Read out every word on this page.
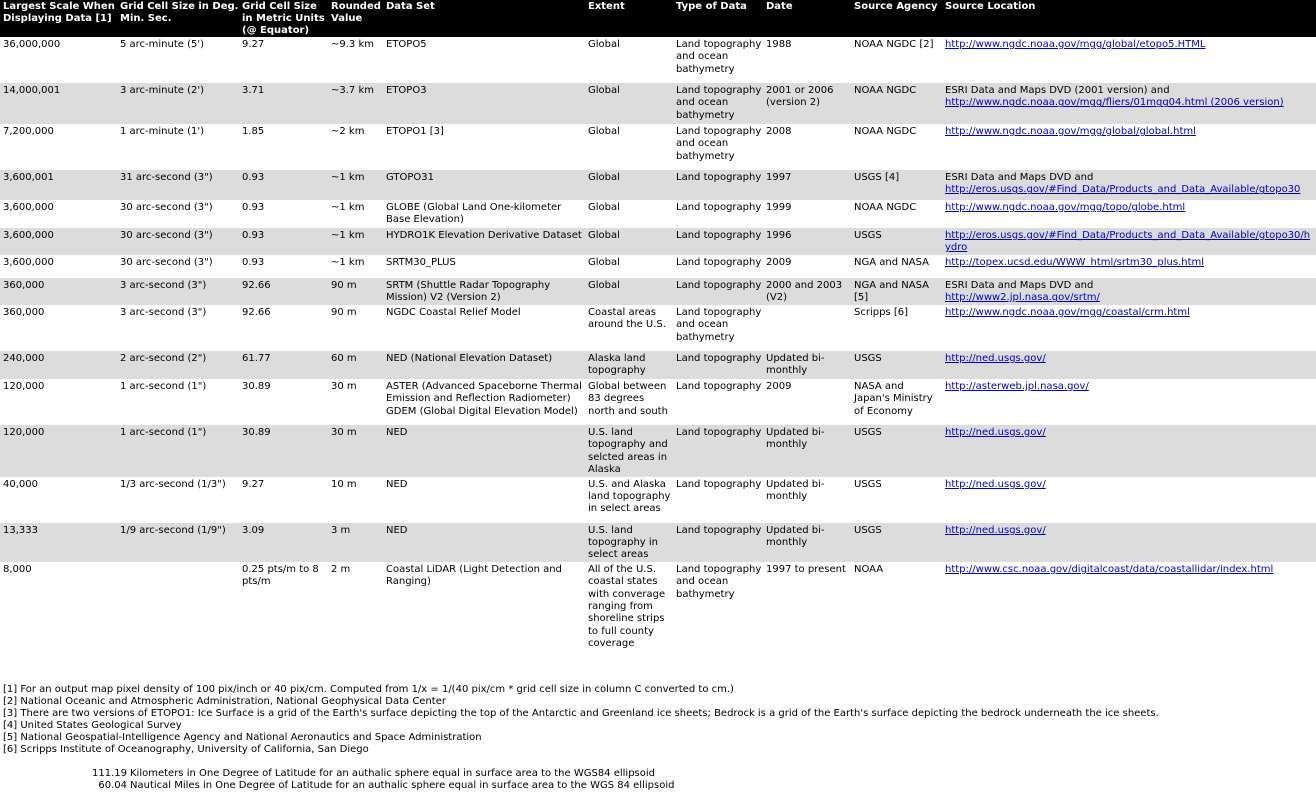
Largest Scale When Displaying Data [1]	Grid Cell Size in Deg. Min. Sec.	Grid Cell Size in Metric Units (@ Equator)	Rounded Value	Data Set	Extent	Type of Data	Date	Source Agency	Source Location
36,000,000	5 arc-minute (5')	9.27	~9.3 km	ETOPO5	Global	Land topography and ocean bathymetry	1988	NOAA NGDC [2]	http://www.ngdc.noaa.gov/mgg/global/etopo5.HTML
14,000,001	3 arc-minute (2')	3.71	~3.7 km	ETOPO3	Global	Land topography and ocean bathymetry	2001 or 2006 (version 2)	NOAA NGDC	ESRI Data and Maps DVD (2001 version) and
http://www.ngdc.noaa.gov/mgg/fliers/01mgg04.html (2006 version)
7,200,000	1 arc-minute (1')	1.85	~2 km	ETOPO1 [3]	Global	Land topography and ocean bathymetry	2008	NOAA NGDC	http://www.ngdc.noaa.gov/mgg/global/global.html
3,600,001	31 arc-second (3")	0.93	~1 km	GTOPO31	Global	Land topography	1997	USGS [4]	ESRI Data and Maps DVD and
http://eros.usgs.gov/#Find_Data/Products_and_Data_Available/gtopo30
3,600,000	30 arc-second (3")	0.93	~1 km	GLOBE (Global Land One-kilometer Base Elevation)	Global	Land topography	1999	NOAA NGDC	http://www.ngdc.noaa.gov/mgg/topo/globe.html
3,600,000	30 arc-second (3")	0.93	~1 km	HYDRO1K Elevation Derivative Dataset	Global	Land topography	1996	USGS	http://eros.usgs.gov/#Find_Data/Products_and_Data_Available/gtopo30/hydro
3,600,000	30 arc-second (3")	0.93	~1 km	SRTM30_PLUS	Global	Land topography	2009	NGA and NASA	http://topex.ucsd.edu/WWW_html/srtm30_plus.html
360,000	3 arc-second (3")	92.66	90 m	SRTM (Shuttle Radar Topography Mission) V2 (Version 2)	Global	Land topography	2000 and 2003 (V2)	NGA and NASA [5]	ESRI Data and Maps DVD and
http://www2.jpl.nasa.gov/srtm/
360,000	3 arc-second (3")	92.66	90 m	NGDC Coastal Relief Model	Coastal areas around the U.S.	Land topography and ocean bathymetry		Scripps [6]	http://www.ngdc.noaa.gov/mgg/coastal/crm.html
240,000	2 arc-second (2")	61.77	60 m	NED (National Elevation Dataset)	Alaska land topography	Land topography	Updated bi-monthly	USGS	http://ned.usgs.gov/
120,000	1 arc-second (1")	30.89	30 m	ASTER (Advanced Spaceborne Thermal Emission and Reflection Radiometer) GDEM (Global Digital Elevation Model)	Global between 83 degrees north and south	Land topography	2009	NASA and Japan's Ministry of Economy	http://asterweb.jpl.nasa.gov/
120,000	1 arc-second (1")	30.89	30 m	NED	U.S. land topography and selcted areas in Alaska	Land topography	Updated bi-monthly	USGS	http://ned.usgs.gov/
40,000	1/3 arc-second (1/3")	9.27	10 m	NED	U.S. and Alaska land topography in select areas	Land topography	Updated bi-monthly	USGS	http://ned.usgs.gov/
13,333	1/9 arc-second (1/9")	3.09	3 m	NED	U.S. land topography in select areas	Land topography	Updated bi-monthly	USGS	http://ned.usgs.gov/
8,000		0.25 pts/m to 8 pts/m	2 m	Coastal LiDAR (Light Detection and Ranging)	All of the U.S. coastal states with converage ranging from shoreline strips to full county coverage	Land topography and ocean bathymetry	1997 to present	NOAA	http://www.csc.noaa.gov/digitalcoast/data/coastallidar/index.html
[1] For an output map pixel density of 100 pix/inch or 40 pix/cm. Computed from 1/x = 1/(40 pix/cm * grid cell size in column C converted to cm.)
[2] National Oceanic and Atmospheric Administration, National Geophysical Data Center
[3] There are two versions of ETOPO1: Ice Surface is a grid of the Earth's surface depicting the top of the Antarctic and Greenland ice sheets; Bedrock is a grid of the Earth's surface depicting the bedrock underneath the ice sheets.
[4] United States Geological Survey
[5] National Geospatial-Intelligence Agency and National Aeronautics and Space Administration
[6] Scripps Institute of Oceanography, University of California, San Diego
111.19 Kilometers in One Degree of Latitude for an authalic sphere equal in surface area to the WGS84 ellipsoid
60.04 Nautical Miles in One Degree of Latitude for an authalic sphere equal in surface area to the WGS 84 ellipsoid
